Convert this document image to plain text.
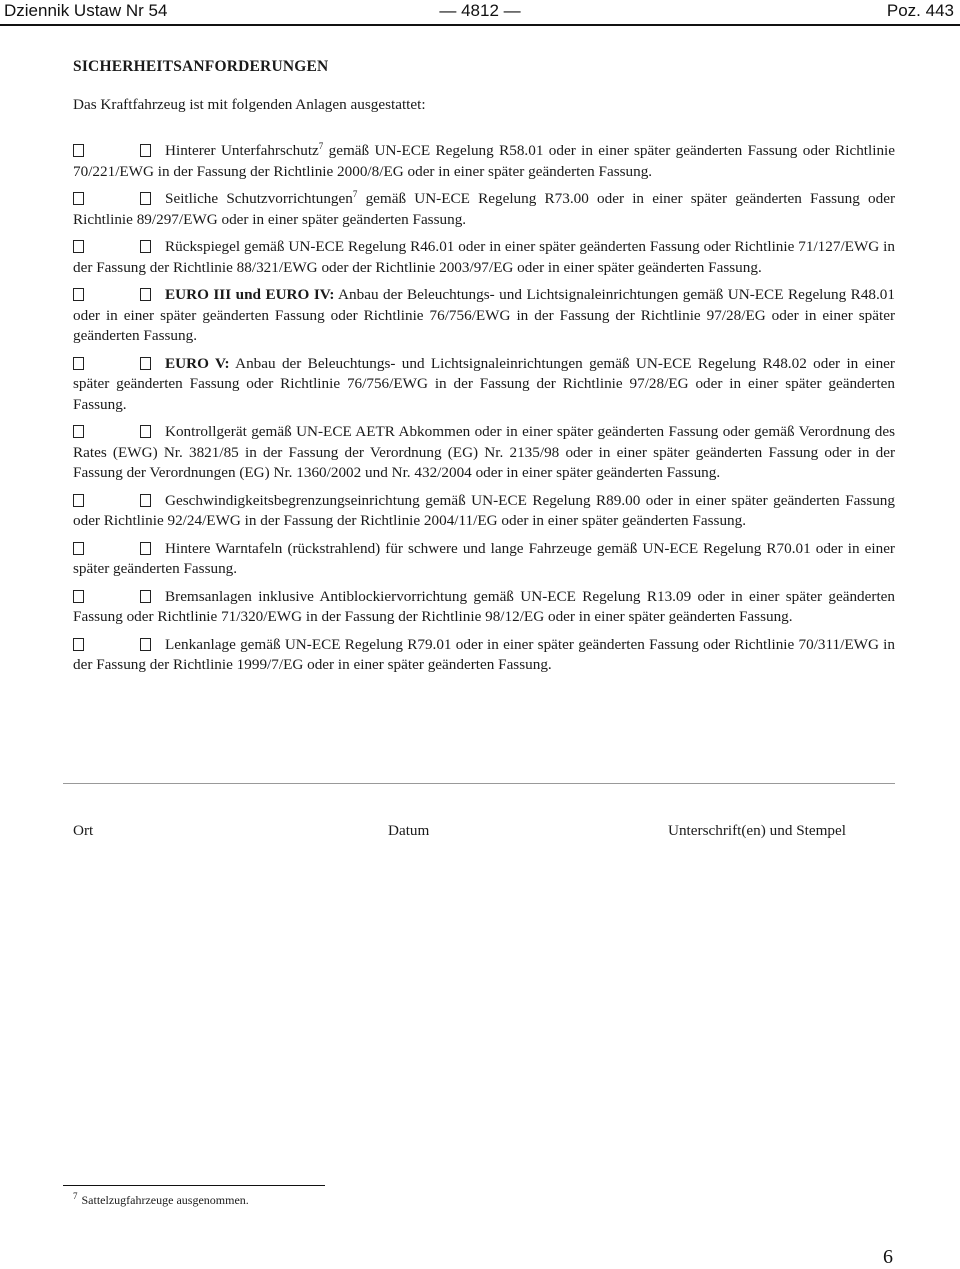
Dziennik Ustaw Nr 54	— 4812 —	Poz. 443
SICHERHEITSANFORDERUNGEN
Das Kraftfahrzeug ist mit folgenden Anlagen ausgestattet:
Hinterer Unterfahrschutz$^7$ gemäß UN-ECE Regelung R58.01 oder in einer später geänderten Fassung oder Richtlinie 70/221/EWG in der Fassung der Richtlinie 2000/8/EG oder in einer später geänderten Fassung.
Seitliche Schutzvorrichtungen$^7$ gemäß UN-ECE Regelung R73.00 oder in einer später geänderten Fassung oder Richtlinie 89/297/EWG oder in einer später geänderten Fassung.
Rückspiegel gemäß UN-ECE Regelung R46.01 oder in einer später geänderten Fassung oder Richtlinie 71/127/EWG in der Fassung der Richtlinie 88/321/EWG oder der Richtlinie 2003/97/EG oder in einer später geänderten Fassung.
EURO III und EURO IV: Anbau der Beleuchtungs- und Lichtsignaleinrichtungen gemäß UN-ECE Regelung R48.01 oder in einer später geänderten Fassung oder Richtlinie 76/756/EWG in der Fassung der Richtlinie 97/28/EG oder in einer später geänderten Fassung.
EURO V: Anbau der Beleuchtungs- und Lichtsignaleinrichtungen gemäß UN-ECE Regelung R48.02 oder in einer später geänderten Fassung oder Richtlinie 76/756/EWG in der Fassung der Richtlinie 97/28/EG oder in einer später geänderten Fassung.
Kontrollgerät gemäß UN-ECE AETR Abkommen oder in einer später geänderten Fassung oder gemäß Verordnung des Rates (EWG) Nr. 3821/85 in der Fassung der Verordnung (EG) Nr. 2135/98 oder in einer später geänderten Fassung oder in der Fassung der Verordnungen (EG) Nr. 1360/2002 und Nr. 432/2004 oder in einer später geänderten Fassung.
Geschwindigkeitsbegrenzungseinrichtung gemäß UN-ECE Regelung R89.00 oder in einer später geänderten Fassung oder Richtlinie 92/24/EWG in der Fassung der Richtlinie 2004/11/EG oder in einer später geänderten Fassung.
Hintere Warntafeln (rückstrahlend) für schwere und lange Fahrzeuge gemäß UN-ECE Regelung R70.01 oder in einer später geänderten Fassung.
Bremsanlagen inklusive Antiblockiervorrichtung gemäß UN-ECE Regelung R13.09 oder in einer später geänderten Fassung oder Richtlinie 71/320/EWG in der Fassung der Richtlinie 98/12/EG oder in einer später geänderten Fassung.
Lenkanlage gemäß UN-ECE Regelung R79.01 oder in einer später geänderten Fassung oder Richtlinie 70/311/EWG in der Fassung der Richtlinie 1999/7/EG oder in einer später geänderten Fassung.
Ort	Datum	Unterschrift(en) und Stempel
$^7$ Sattelzugfahrzeuge ausgenommen.
6
